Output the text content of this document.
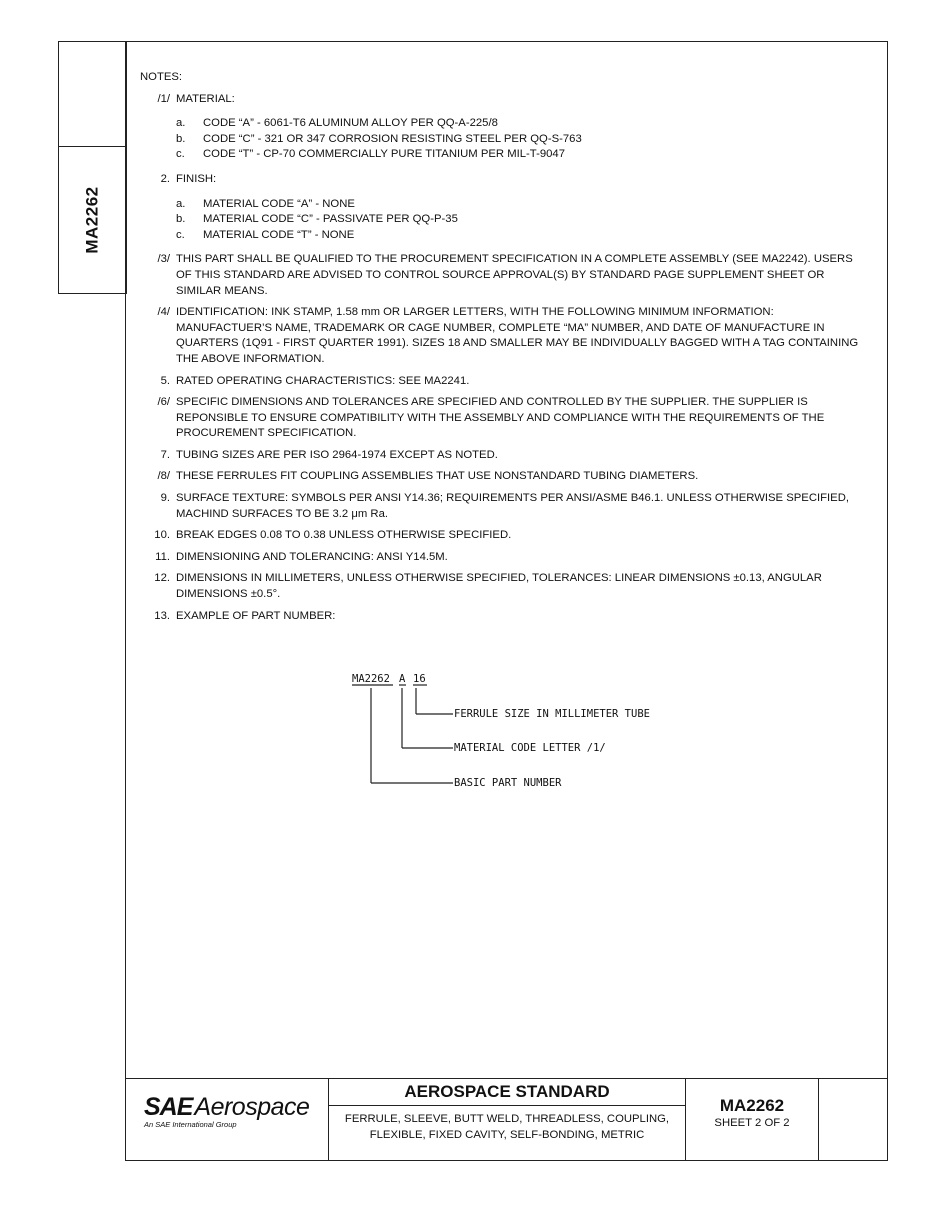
MA2262
NOTES:
/1/ MATERIAL:
a.	CODE “A” - 6061-T6 ALUMINUM ALLOY PER QQ-A-225/8
b.	CODE “C” - 321 OR 347 CORROSION RESISTING STEEL PER QQ-S-763
c.	CODE “T” - CP-70 COMMERCIALLY PURE TITANIUM PER MIL-T-9047
2. FINISH:
a.	MATERIAL CODE “A” - NONE
b.	MATERIAL CODE “C” - PASSIVATE PER QQ-P-35
c.	MATERIAL CODE “T” - NONE
/3/ THIS PART SHALL BE QUALIFIED TO THE PROCUREMENT SPECIFICATION IN A COMPLETE ASSEMBLY (SEE MA2242). USERS OF THIS STANDARD ARE ADVISED TO CONTROL SOURCE APPROVAL(S) BY STANDARD PAGE SUPPLEMENT SHEET OR SIMILAR MEANS.
/4/ IDENTIFICATION: INK STAMP, 1.58 mm OR LARGER LETTERS, WITH THE FOLLOWING MINIMUM INFORMATION: MANUFACTUER’S NAME, TRADEMARK OR CAGE NUMBER, COMPLETE “MA” NUMBER, AND DATE OF MANUFACTURE IN QUARTERS (1Q91 - FIRST QUARTER 1991). SIZES 18 AND SMALLER MAY BE INDIVIDUALLY BAGGED WITH A TAG CONTAINING THE ABOVE INFORMATION.
5. RATED OPERATING CHARACTERISTICS: SEE MA2241.
/6/ SPECIFIC DIMENSIONS AND TOLERANCES ARE SPECIFIED AND CONTROLLED BY THE SUPPLIER. THE SUPPLIER IS REPONSIBLE TO ENSURE COMPATIBILITY WITH THE ASSEMBLY AND COMPLIANCE WITH THE REQUIREMENTS OF THE PROCUREMENT SPECIFICATION.
7. TUBING SIZES ARE PER ISO 2964-1974 EXCEPT AS NOTED.
/8/ THESE FERRULES FIT COUPLING ASSEMBLIES THAT USE NONSTANDARD TUBING DIAMETERS.
9. SURFACE TEXTURE: SYMBOLS PER ANSI Y14.36; REQUIREMENTS PER ANSI/ASME B46.1. UNLESS OTHERWISE SPECIFIED, MACHIND SURFACES TO BE 3.2 μm Ra.
10. BREAK EDGES 0.08 TO 0.38 UNLESS OTHERWISE SPECIFIED.
11. DIMENSIONING AND TOLERANCING: ANSI Y14.5M.
12. DIMENSIONS IN MILLIMETERS, UNLESS OTHERWISE SPECIFIED, TOLERANCES: LINEAR DIMENSIONS ±0.13, ANGULAR DIMENSIONS ±0.5°.
13. EXAMPLE OF PART NUMBER:
MA2262 A 16
FERRULE SIZE IN MILLIMETER TUBE
MATERIAL CODE LETTER /1/
BASIC PART NUMBER
SAE Aerospace
An SAE International Group
AEROSPACE STANDARD
FERRULE, SLEEVE, BUTT WELD, THREADLESS, COUPLING, FLEXIBLE, FIXED CAVITY, SELF-BONDING, METRIC
MA2262
SHEET 2 OF 2
